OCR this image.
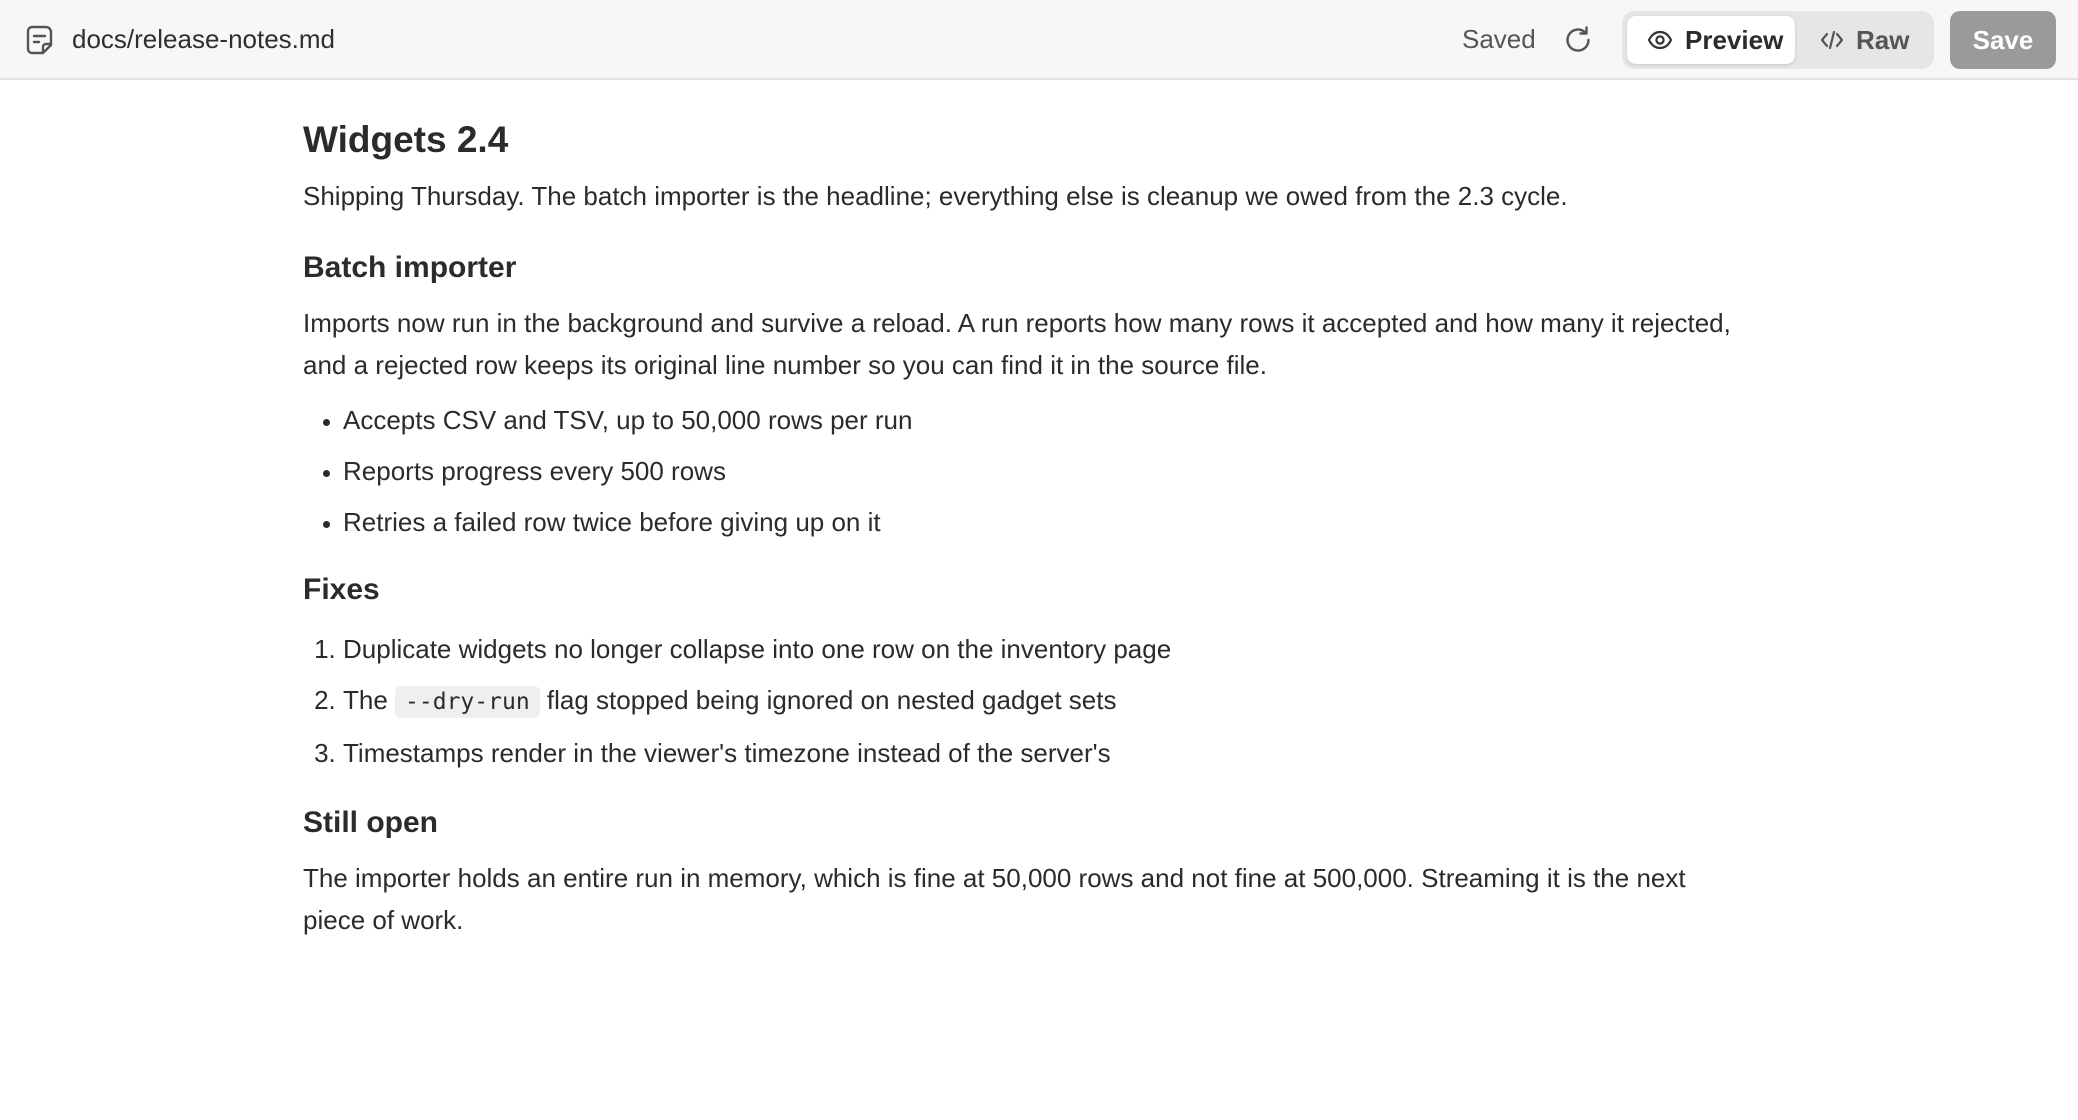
docs/release-notes.md	Saved	Preview	Raw	Save
Widgets 2.4

Shipping Thursday. The batch importer is the headline; everything else is cleanup we owed from the 2.3 cycle.

Batch importer

Imports now run in the background and survive a reload. A run reports how many rows it accepted and how many it rejected, and a rejected row keeps its original line number so you can find it in the source file.

• Accepts CSV and TSV, up to 50,000 rows per run
• Reports progress every 500 rows
• Retries a failed row twice before giving up on it
Fixes
1. Duplicate widgets no longer collapse into one row on the inventory page
2. The --dry-run flag stopped being ignored on nested gadget sets
3. Timestamps render in the viewer's timezone instead of the server's
Still open

The importer holds an entire run in memory, which is fine at 50,000 rows and not fine at 500,000. Streaming it is the next piece of work.
